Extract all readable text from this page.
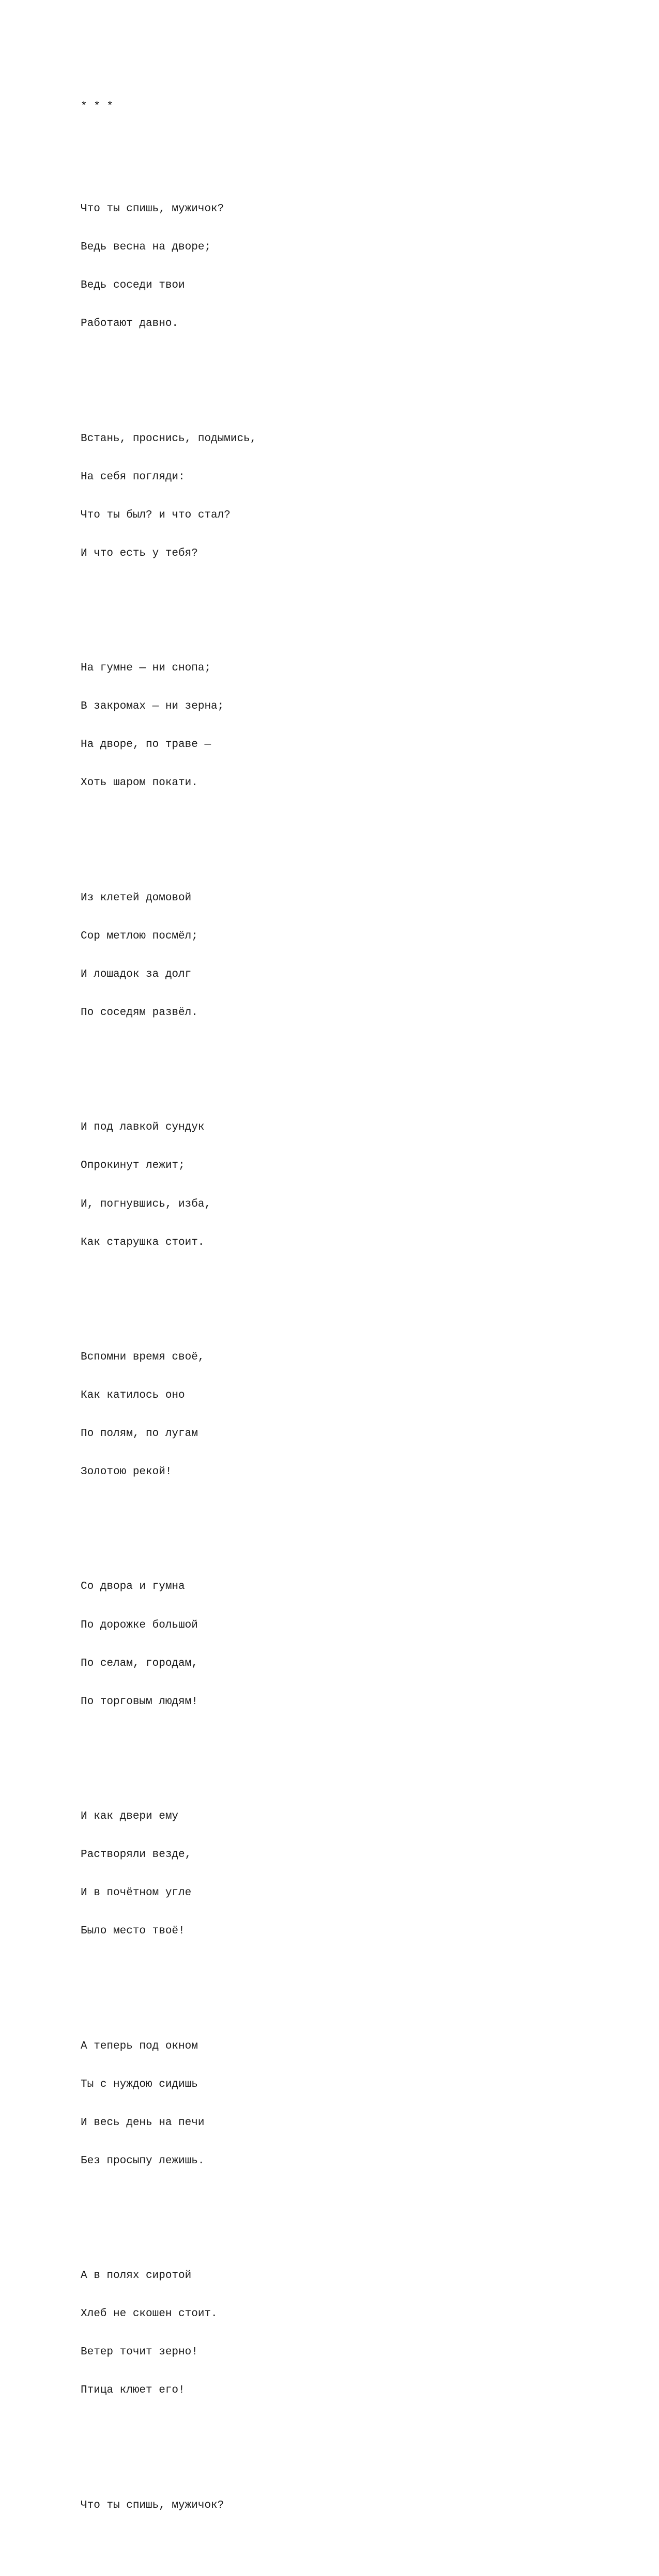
* * *

Что ты спишь, мужичок?

Ведь весна на дворе;

Ведь соседи твои

Работают давно.

Встань, проснись, подымись,

На себя погляди:

Что ты был? и что стал?

И что есть у тебя?

На гумне — ни снопа;

В закромах — ни зерна;

На дворе, по траве —

Хоть шаром покати.

Из клетей домовой

Сор метлою посмёл;

И лошадок за долг

По соседям развёл.

И под лавкой сундук

Опрокинут лежит;

И, погнувшись, изба,

Как старушка стоит.

Вспомни время своё,

Как катилось оно

По полям, по лугам

Золотою рекой!

Со двора и гумна

По дорожке большой

По селам, городам,

По торговым людям!

И как двери ему

Растворяли везде,

И в почётном угле

Было место твоё!

А теперь под окном

Ты с нуждою сидишь

И весь день на печи

Без просыпу лежишь.

А в полях сиротой

Хлеб не скошен стоит.

Ветер точит зерно!

Птица клюет его!

Что ты спишь, мужичок?
